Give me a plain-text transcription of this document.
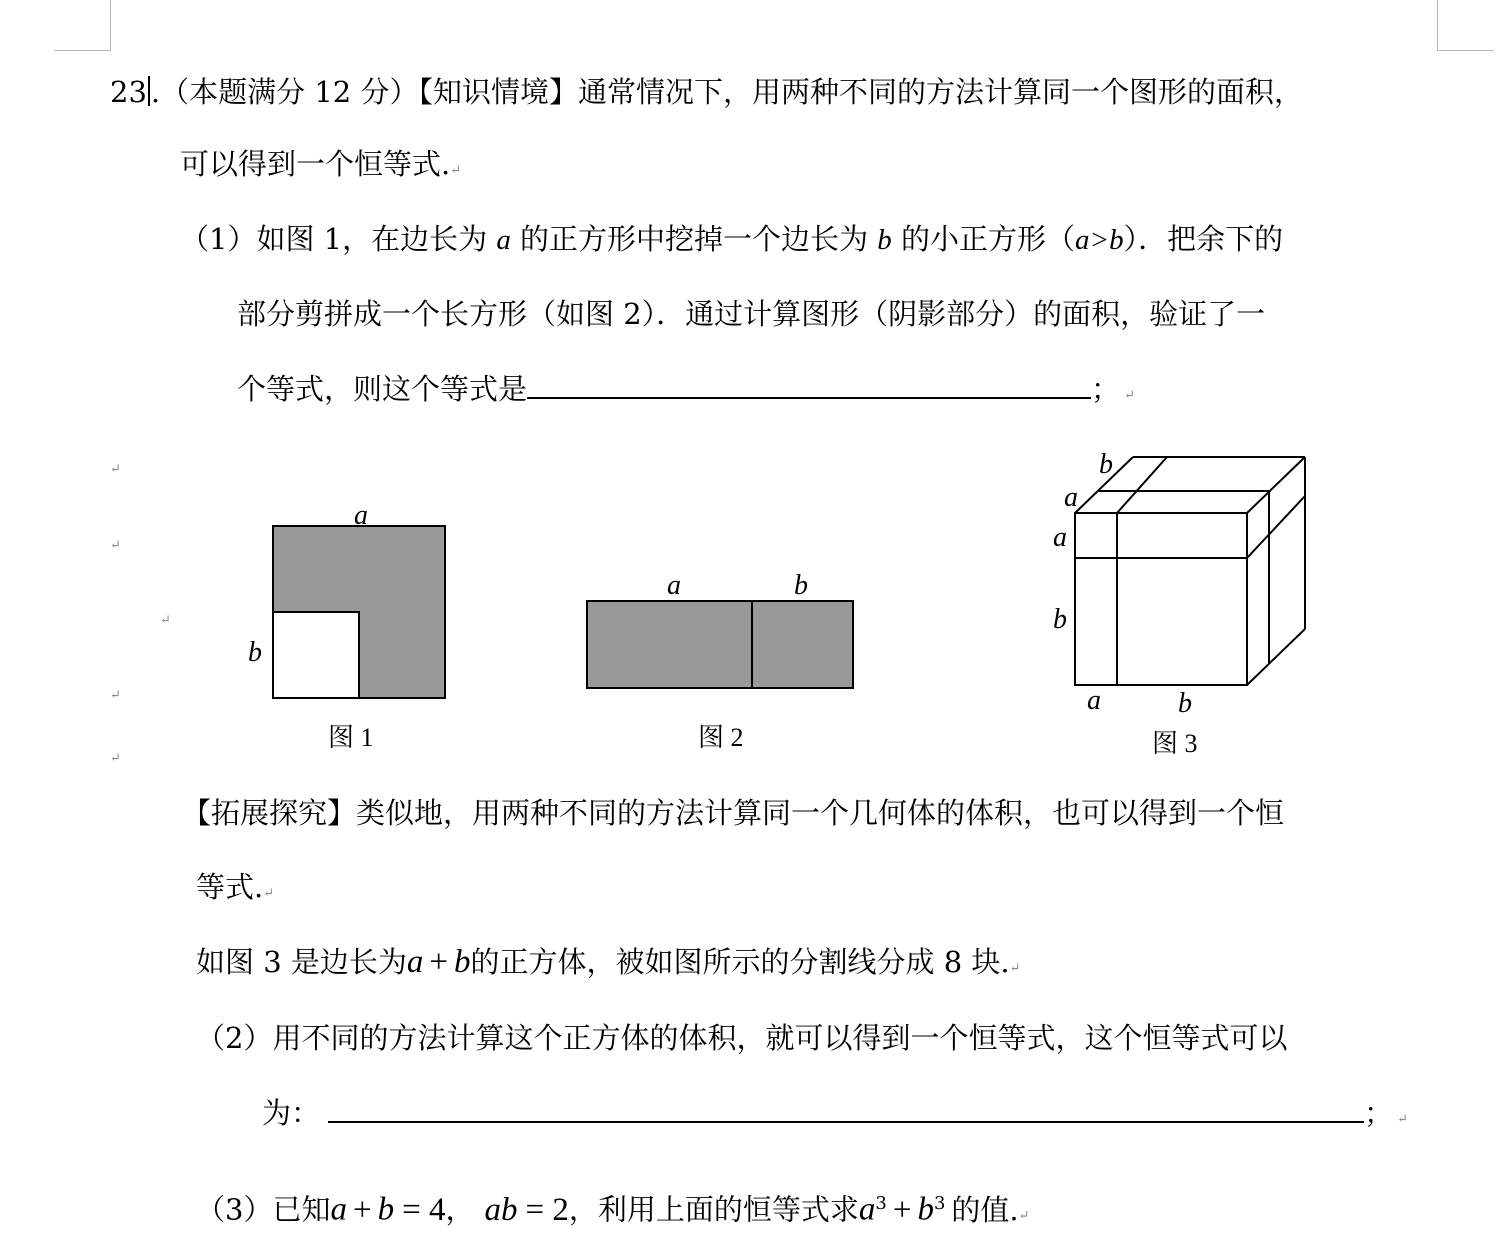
23 .（本题满分 12 分）【知识情境】通常情况下，用两种不同的方法计算同一个图形的面积，
可以得到一个恒等式.↵
（1）如图 1，在边长为 a 的正方形中挖掉一个边长为 b 的小正方形（a>b）．把余下的
部分剪拼成一个长方形（如图 2）．通过计算图形（阴影部分）的面积，验证了一
个等式，则这个等式是	； ↵
↵
↵
↵
↵
↵
a
b
图 1
a	b
图 2
b
a
a
b
a	b
图 3
【拓展探究】类似地，用两种不同的方法计算同一个几何体的体积，也可以得到一个恒
等式.↵
如图 3 是边长为a + b的正方体，被如图所示的分割线分成 8 块.↵
（2）用不同的方法计算这个正方体的体积，就可以得到一个恒等式，这个恒等式可以
为：	； ↵
（3）已知a + b = 4， ab = 2，利用上面的恒等式求$a^3 + b^3$ 的值.↵
